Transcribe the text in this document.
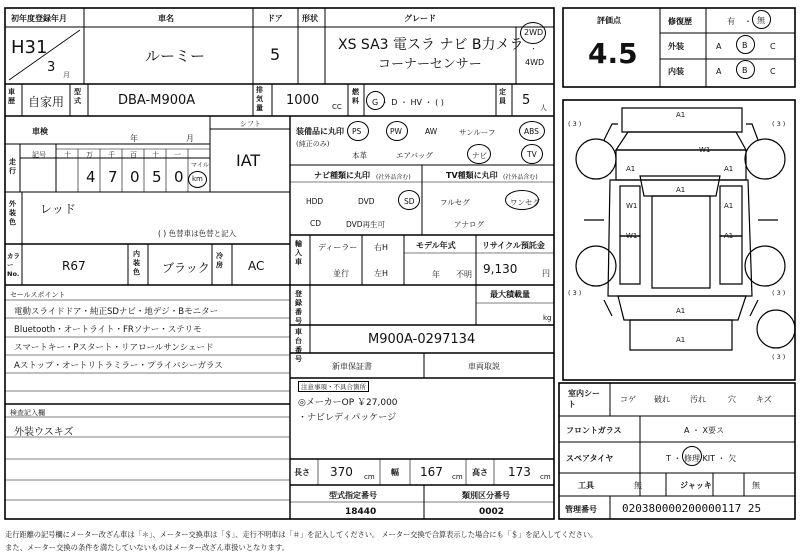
初年度登録年月	車名	ドア 形状	グレード
H31
3 月
ルーミー	5	XS SA3 電スラ ナビ B力メラ
コーナーセンサー
2WD
・
4WD
評価点
4.5
修復歴	有 ・ 無
外装	A	B	C
内装	A	B	C
車歴 自家用
型式	DBA-M900A
排気量	1000 CC
燃料	G ・ D ・ HV ・ ( )
定員 5 人
車検
年	月
シフト
IAT
走行
記号	十 万 千 百 十 一
4 7 0 5 0
マイル
km
外装色
レッド
( ) 色替車は色替と記入
カラーNo.
R67
内装色 ブラック
冷房 AC
セールスポイント
電動スライドドア・純正SDナビ・地デジ・Bモニター
Bluetooth・オートライト・FRソナー・ステリモ
スマートキー・Pスタート・リアロールサンシェード
Aストップ・オートリトラミラー・プライバシーガラス
検査記入欄
外装ウスキズ
装備品に丸印
(純正のみ)
PS	PW	AW	サンルーフ	ABS
本革	エアバッグ	ナビ	TV
ナビ種類に丸印 (社外品含む)
HDD	DVD	SD
CD	DVD再生可
TV種類に丸印 (社外品含む)
フルセグ	ワンセグ
アナログ
輸入車
ディーラー
並行
右H
左H
モデル年式
年 不明
リサイクル預託金
9,130	円
登録番号
最大積載量
kg
車台番号
M900A-0297134
新車保証書	車両取説
注意事項・不具合箇所
◎メーカーOP ￥27,000
・ナビレディパッケージ
長さ 370 cm 幅 167 cm 高さ 173 cm
型式指定番号
18440
類別区分番号
0002
室内シート
コゲ 破れ	汚れ	穴	キズ
フロントガラス	A ・ X要ス
スペアタイヤ	T ・ 修理 KIT ・ 欠
工具	無	ジャッキ	無
管理番号 020380000200000117 25
A1
W1
A1	A1
A1
W1
W1
A1
A1
A1
A1
( 3 )	( 3 )
( 3 )	( 3 )
( 3 )
走行距離の記号欄にメーター改ざん車は「＊」、メーター交換車は「＄」、走行不明車は「＃」を記入してください。 メーター交換で合算表示した場合にも「＄」を記入してください。
また、メーター交換の条件を満たしていないものはメーター改ざん車扱いとなります。
